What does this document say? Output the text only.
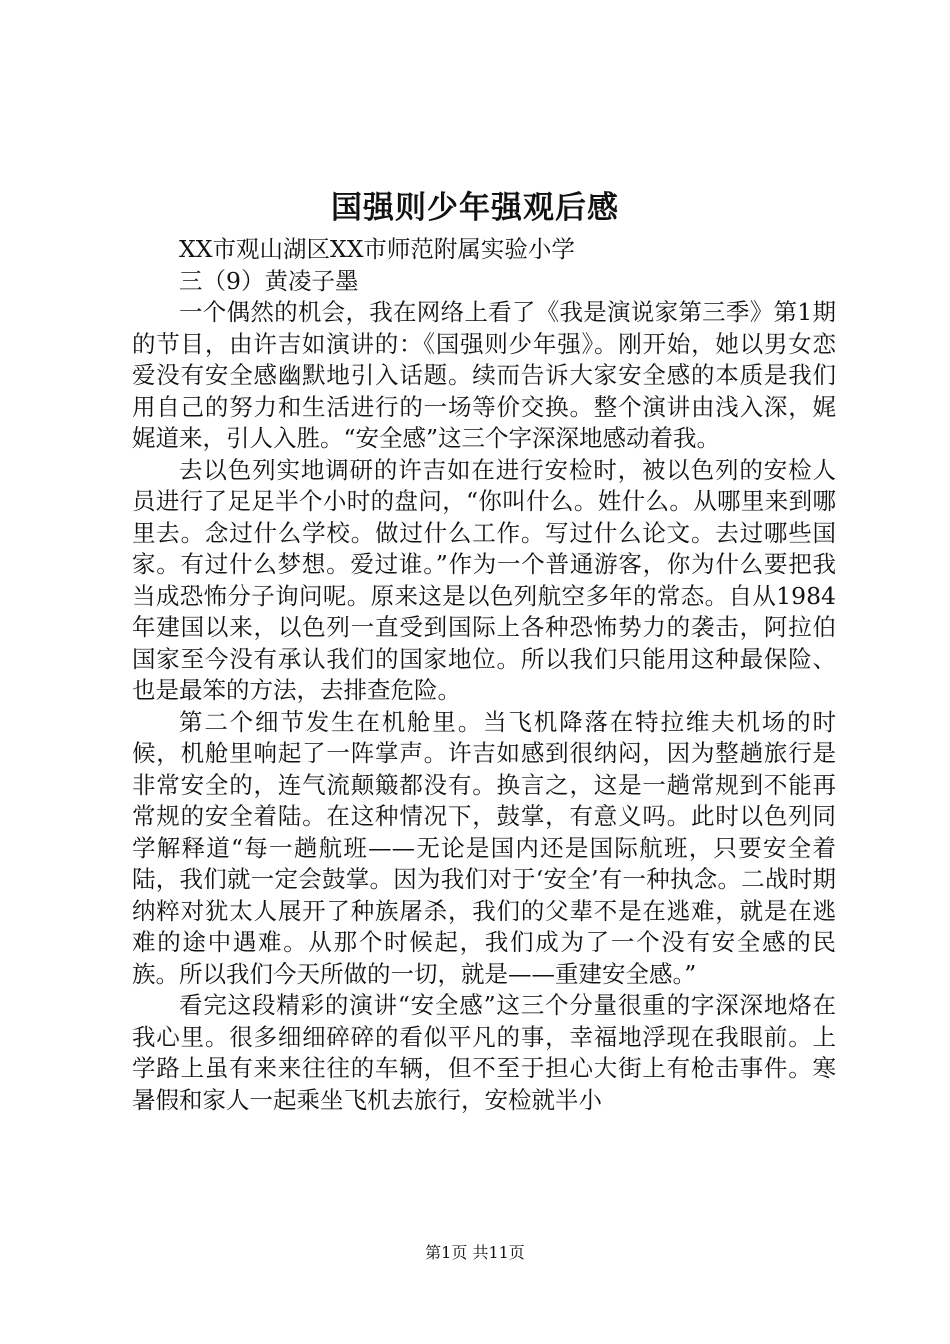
国强则少年强观后感

XX市观山湖区XX市师范附属实验小学

三（9）黄凌子墨

一个偶然的机会，我在网络上看了《我是演说家第三季》第1期的节目，由许吉如演讲的：《国强则少年强》。刚开始，她以男女恋爱没有安全感幽默地引入话题。续而告诉大家安全感的本质是我们用自己的努力和生活进行的一场等价交换。整个演讲由浅入深，娓娓道来，引人入胜。“安全感”这三个字深深地感动着我。

去以色列实地调研的许吉如在进行安检时，被以色列的安检人员进行了足足半个小时的盘问，“你叫什么。姓什么。从哪里来到哪里去。念过什么学校。做过什么工作。写过什么论文。去过哪些国家。有过什么梦想。爱过谁。”作为一个普通游客，你为什么要把我当成恐怖分子询问呢。原来这是以色列航空多年的常态。自从1984年建国以来，以色列一直受到国际上各种恐怖势力的袭击，阿拉伯国家至今没有承认我们的国家地位。所以我们只能用这种最保险、也是最笨的方法，去排查危险。

第二个细节发生在机舱里。当飞机降落在特拉维夫机场的时候，机舱里响起了一阵掌声。许吉如感到很纳闷，因为整趟旅行是非常安全的，连气流颠簸都没有。换言之，这是一趟常规到不能再常规的安全着陆。在这种情况下，鼓掌，有意义吗。此时以色列同学解释道“每一趟航班——无论是国内还是国际航班，只要安全着陆，我们就一定会鼓掌。因为我们对于‘安全’有一种执念。二战时期纳粹对犹太人展开了种族屠杀，我们的父辈不是在逃难，就是在逃难的途中遇难。从那个时候起，我们成为了一个没有安全感的民族。所以我们今天所做的一切，就是——重建安全感。”

看完这段精彩的演讲“安全感”这三个分量很重的字深深地烙在我心里。很多细细碎碎的看似平凡的事，幸福地浮现在我眼前。上学路上虽有来来往往的车辆，但不至于担心大街上有枪击事件。寒暑假和家人一起乘坐飞机去旅行，安检就半小

第1页 共11页
